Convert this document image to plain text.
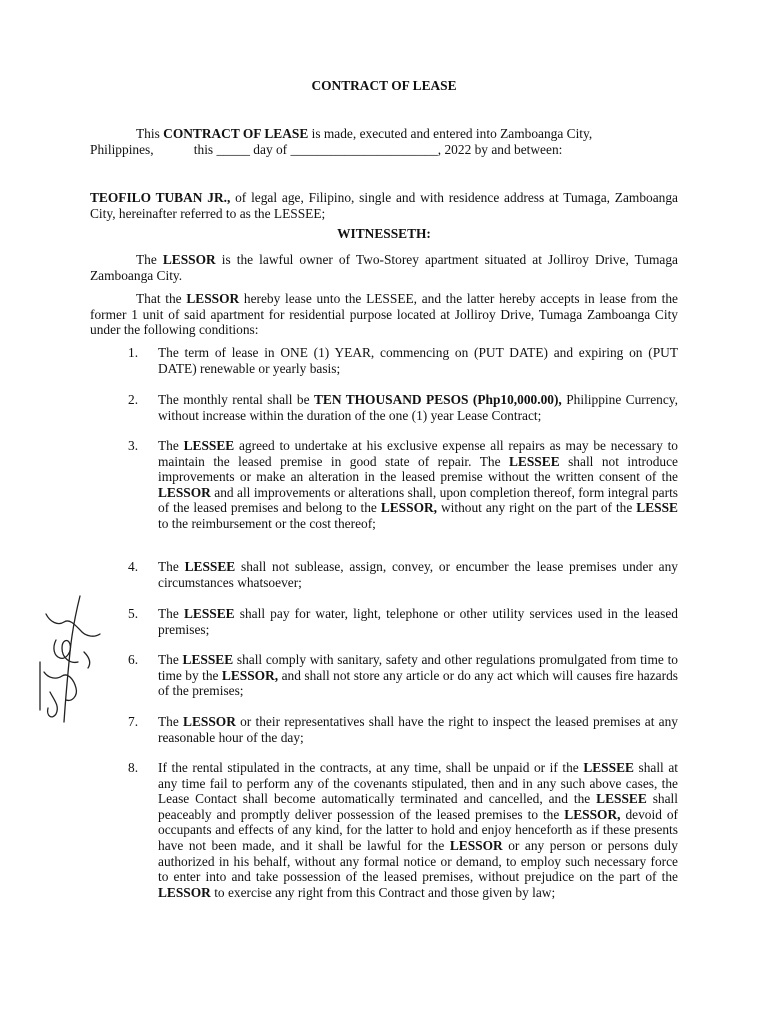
CONTRACT OF LEASE
This CONTRACT OF LEASE is made, executed and entered into Zamboanga City,
Philippines,            this _____ day of ______________________, 2022 by and between:
TEOFILO TUBAN JR., of legal age, Filipino, single and with residence address at Tumaga, Zamboanga City, hereinafter referred to as the LESSEE;
WITNESSETH:
The LESSOR is the lawful owner of Two-Storey apartment situated at Jolliroy Drive, Tumaga Zamboanga City.
That the LESSOR hereby lease unto the LESSEE, and the latter hereby accepts in lease from the former 1 unit of said apartment for residential purpose located at Jolliroy Drive, Tumaga Zamboanga City under the following conditions:
1. The term of lease in ONE (1) YEAR, commencing on (PUT DATE) and expiring on (PUT DATE) renewable or yearly basis;
2. The monthly rental shall be TEN THOUSAND PESOS (Php10,000.00), Philippine Currency, without increase within the duration of the one (1) year Lease Contract;
3. The LESSEE agreed to undertake at his exclusive expense all repairs as may be necessary to maintain the leased premise in good state of repair. The LESSEE shall not introduce improvements or make an alteration in the leased premise without the written consent of the LESSOR and all improvements or alterations shall, upon completion thereof, form integral parts of the leased premises and belong to the LESSOR, without any right on the part of the LESSE to the reimbursement or the cost thereof;
4. The LESSEE shall not sublease, assign, convey, or encumber the lease premises under any circumstances whatsoever;
5. The LESSEE shall pay for water, light, telephone or other utility services used in the leased premises;
6. The LESSEE shall comply with sanitary, safety and other regulations promulgated from time to time by the LESSOR, and shall not store any article or do any act which will causes fire hazards of the premises;
7. The LESSOR or their representatives shall have the right to inspect the leased premises at any reasonable hour of the day;
8. If the rental stipulated in the contracts, at any time, shall be unpaid or if the LESSEE shall at any time fail to perform any of the covenants stipulated, then and in any such above cases, the Lease Contact shall become automatically terminated and cancelled, and the LESSEE shall peaceably and promptly deliver possession of the leased premises to the LESSOR, devoid of occupants and effects of any kind, for the latter to hold and enjoy henceforth as if these presents have not been made, and it shall be lawful for the LESSOR or any person or persons duly authorized in his behalf, without any formal notice or demand, to employ such necessary force to enter into and take possession of the leased premises, without prejudice on the part of the LESSOR to exercise any right from this Contract and those given by law;
